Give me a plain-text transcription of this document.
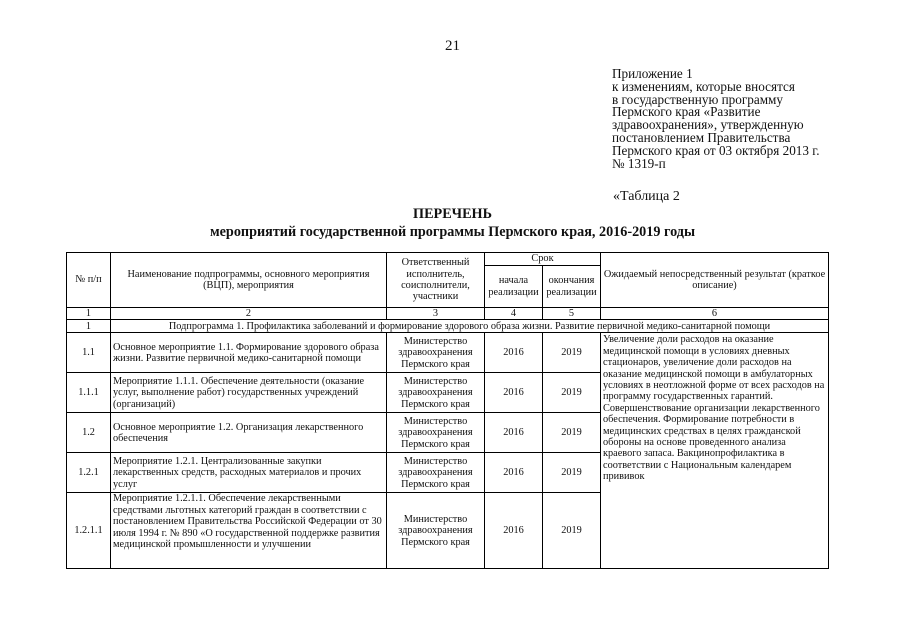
21
Приложение 1
к изменениям, которые вносятся
в государственную программу
Пермского края «Развитие
здравоохранения», утвержденную
постановлением Правительства
Пермского края от 03 октября 2013 г.
№ 1319-п
«Таблица 2
ПЕРЕЧЕНЬ
мероприятий государственной программы Пермского края, 2016-2019 годы
№ п/п	Наименование подпрограммы, основного мероприятия (ВЦП), мероприятия	Ответственный исполнитель, соисполнители, участники	Срок		Ожидаемый непосредственный результат (краткое описание)
			начала реализации	окончания реализации	
1	2	3	4	5	6
1	Подпрограмма 1. Профилактика заболеваний и формирование здорового образа жизни. Развитие первичной медико-санитарной помощи				
1.1	Основное мероприятие 1.1. Формирование здорового образа жизни. Развитие первичной медико-санитарной помощи	Министерство здравоохранения Пермского края	2016	2019	Увеличение доли расходов на оказание медицинской помощи в условиях дневных стационаров, увеличение доли расходов на оказание медицинской помощи в амбулаторных условиях в неотложной форме от всех расходов на программу государственных гарантий. Совершенствование организации лекарственного обеспечения. Формирование потребности в медицинских средствах в целях гражданской обороны на основе проведенного анализа краевого запаса. Вакцинопрофилактика в соответствии с Национальным календарем прививок
1.1.1	Мероприятие 1.1.1. Обеспечение деятельности (оказание услуг, выполнение работ) государственных учреждений (организаций)	Министерство здравоохранения Пермского края	2016	2019	
1.2	Основное мероприятие 1.2. Организация лекарственного обеспечения	Министерство здравоохранения Пермского края	2016	2019	
1.2.1	Мероприятие 1.2.1. Централизованные закупки лекарственных средств, расходных материалов и прочих услуг	Министерство здравоохранения Пермского края	2016	2019	
1.2.1.1	Мероприятие 1.2.1.1. Обеспечение лекарственными средствами льготных категорий граждан в соответствии с постановлением Правительства Российской Федерации от 30 июля 1994 г. № 890 «О государственной поддержке развития медицинской промышленности и улучшении	Министерство здравоохранения Пермского края	2016	2019	
